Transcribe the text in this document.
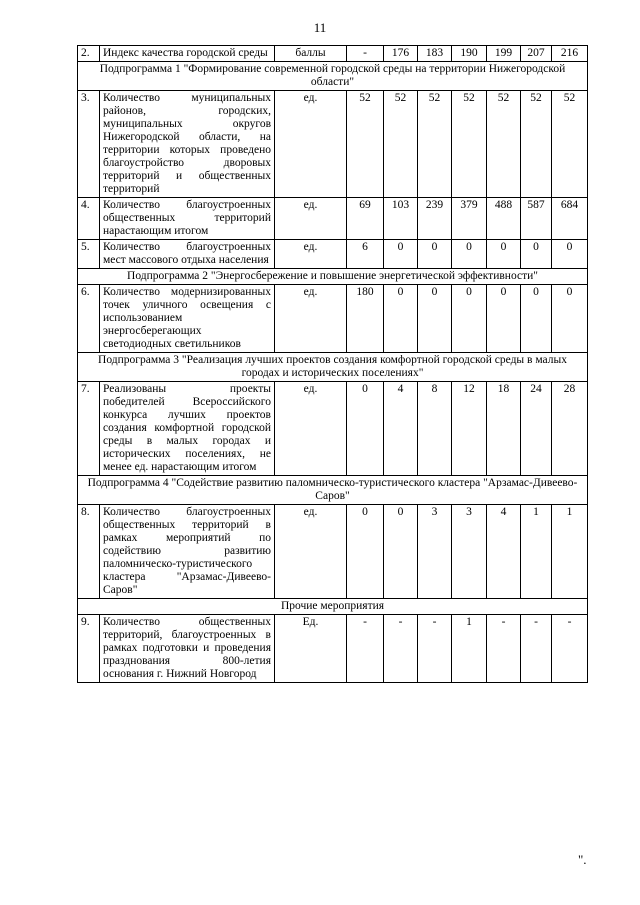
11
2.	Индекс качества городской среды	баллы	-	176	183	190	199	207	216
Подпрограмма 1 "Формирование современной городской среды на территории Нижегородской области"									
3.	Количество муниципальных районов, городских, муниципальных округов Нижегородской области, на территории которых проведено благоустройство дворовых территорий и общественных территорий	ед.	52	52	52	52	52	52	52
4.	Количество благоустроенных общественных территорий нарастающим итогом	ед.	69	103	239	379	488	587	684
5.	Количество благоустроенных мест массового отдыха населения	ед.	6	0	0	0	0	0	0
Подпрограмма 2 "Энергосбережение и повышение энергетической эффективности"									
6.	Количество модернизированных точек уличного освещения с использованием энергосберегающих светодиодных светильников	ед.	180	0	0	0	0	0	0
Подпрограмма 3 "Реализация лучших проектов создания комфортной городской среды в малых городах и исторических поселениях"									
7.	Реализованы проекты победителей Всероссийского конкурса лучших проектов создания комфортной городской среды в малых городах и исторических поселениях, не менее ед. нарастающим итогом	ед.	0	4	8	12	18	24	28
Подпрограмма 4 "Содействие развитию паломническо-туристического кластера "Арзамас-Дивеево-Саров"									
8.	Количество благоустроенных общественных территорий в рамках мероприятий по содействию развитию паломническо-туристического кластера "Арзамас-Дивеево-Саров"	ед.	0	0	3	3	4	1	1
Прочие мероприятия									
9.	Количество общественных территорий, благоустроенных в рамках подготовки и проведения празднования 800-летия основания г. Нижний Новгород	Ед.	-	-	-	1	-	-	-
".
